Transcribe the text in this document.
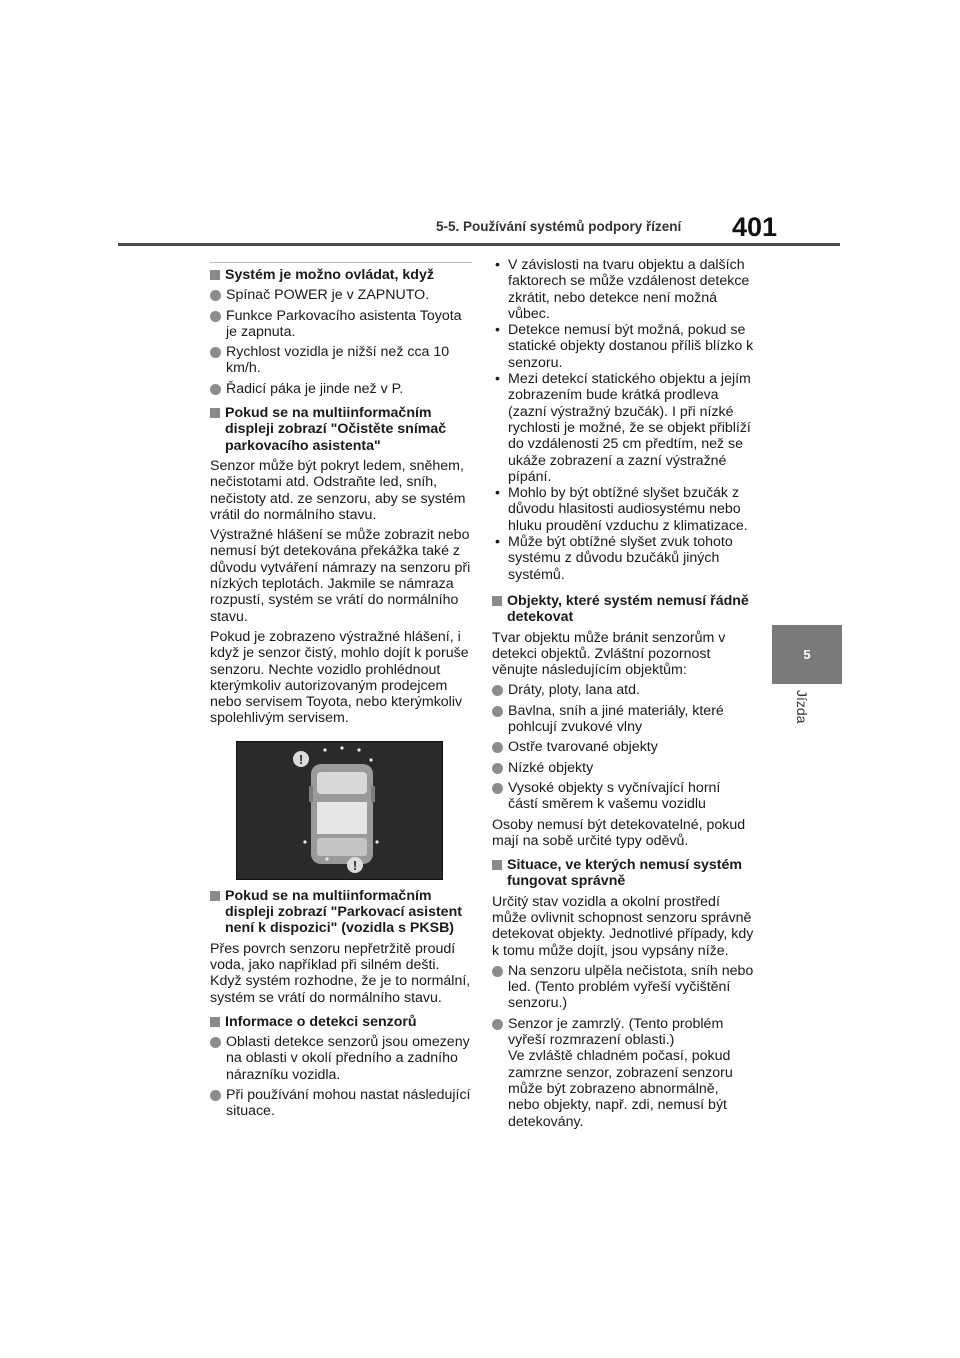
5-5. Používání systémů podpory řízení 401
5
Jízda
Systém je možno ovládat, když
Spínač POWER je v ZAPNUTO.
Funkce Parkovacího asistenta Toyota je zapnuta.
Rychlost vozidla je nižší než cca 10 km/h.
Řadicí páka je jinde než v P.
Pokud se na multiinformačním displeji zobrazí "Očistěte snímač parkovacího asistenta"
Senzor může být pokryt ledem, sněhem, nečistotami atd. Odstraňte led, sníh, nečistoty atd. ze senzoru, aby se systém vrátil do normálního stavu.
Výstražné hlášení se může zobrazit nebo nemusí být detekována překážka také z důvodu vytváření námrazy na senzoru při nízkých teplotách. Jakmile se námraza rozpustí, systém se vrátí do normálního stavu.
Pokud je zobrazeno výstražné hlášení, i když je senzor čistý, mohlo dojít k poruše senzoru. Nechte vozidlo prohlédnout kterýmkoliv autorizovaným prodejcem nebo servisem Toyota, nebo kterýmkoliv spolehlivým servisem.
!
!
Pokud se na multiinformačním displeji zobrazí "Parkovací asistent není k dispozici" (vozidla s PKSB)
Přes povrch senzoru nepřetržitě proudí voda, jako například při silném dešti. Když systém rozhodne, že je to normální, systém se vrátí do normálního stavu.
Informace o detekci senzorů
Oblasti detekce senzorů jsou omezeny na oblasti v okolí předního a zadního nárazníku vozidla.
Při používání mohou nastat následující situace.
• V závislosti na tvaru objektu a dalších faktorech se může vzdálenost detekce zkrátit, nebo detekce není možná vůbec.
• Detekce nemusí být možná, pokud se statické objekty dostanou příliš blízko k senzoru.
• Mezi detekcí statického objektu a jejím zobrazením bude krátká prodleva (zazní výstražný bzučák). I při nízké rychlosti je možné, že se objekt přiblíží do vzdálenosti 25 cm předtím, než se ukáže zobrazení a zazní výstražné pípání.
• Mohlo by být obtížné slyšet bzučák z důvodu hlasitosti audiosystému nebo hluku proudění vzduchu z klimatizace.
• Může být obtížné slyšet zvuk tohoto systému z důvodu bzučáků jiných systémů.
Objekty, které systém nemusí řádně detekovat
Tvar objektu může bránit senzorům v detekci objektů. Zvláštní pozornost věnujte následujícím objektům:
Dráty, ploty, lana atd.
Bavlna, sníh a jiné materiály, které pohlcují zvukové vlny
Ostře tvarované objekty
Nízké objekty
Vysoké objekty s vyčnívající horní částí směrem k vašemu vozidlu
Osoby nemusí být detekovatelné, pokud mají na sobě určité typy oděvů.
Situace, ve kterých nemusí systém fungovat správně
Určitý stav vozidla a okolní prostředí může ovlivnit schopnost senzoru správně detekovat objekty. Jednotlivé případy, kdy k tomu může dojít, jsou vypsány níže.
Na senzoru ulpěla nečistota, sníh nebo led. (Tento problém vyřeší vyčištění senzoru.)
Senzor je zamrzlý. (Tento problém vyřeší rozmrazení oblasti.)
Ve zvláště chladném počasí, pokud zamrzne senzor, zobrazení senzoru může být zobrazeno abnormálně, nebo objekty, např. zdi, nemusí být detekovány.
